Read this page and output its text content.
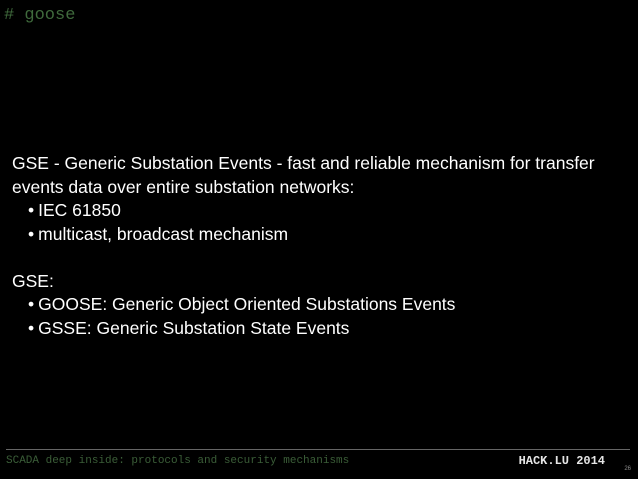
# goose

GSE - Generic Substation Events - fast and reliable mechanism for transfer

events data over entire substation networks:

• IEC 61850
• multicast, broadcast mechanism

GSE:

• GOOSE: Generic Object Oriented Substations Events
• GSSE: Generic Substation State Events
SCADA deep inside: protocols and security mechanisms	HACK.LU 2014
26
